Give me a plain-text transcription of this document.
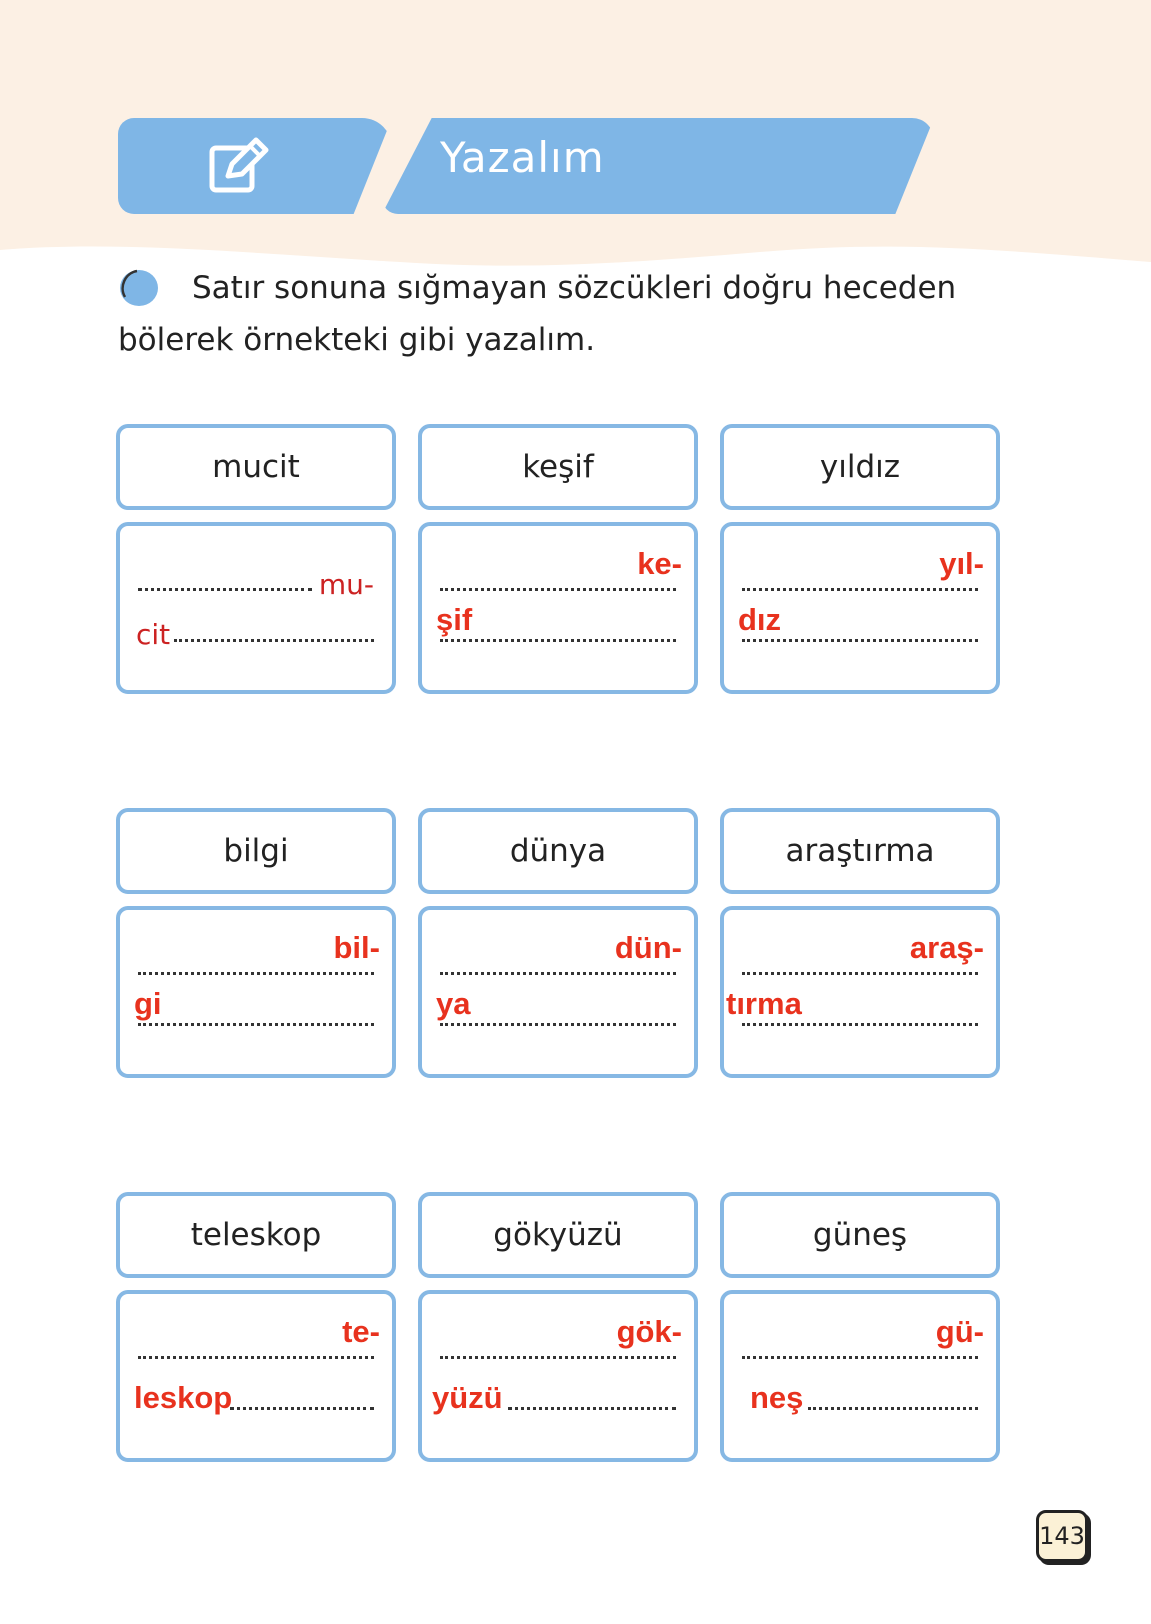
Yazalım
Satır sonuna sığmayan sözcükleri doğru heceden bölerek örnekteki gibi yazalım.
mucit
mu-
cit
keşif
ke-
şif
yıldız
yıl-
dız
bilgi
bil-
gi
dünya
dün-
ya
araştırma
araş-
tırma
teleskop
te-
leskop
gökyüzü
gök-
yüzü
güneş
gü-
neş
143
